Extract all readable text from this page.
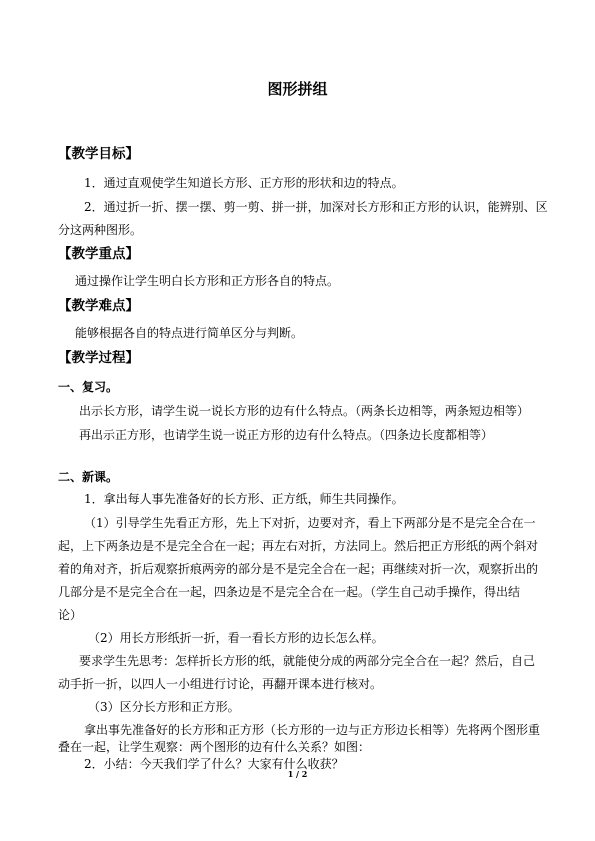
图形拼组
【教学目标】
1．通过直观使学生知道长方形、正方形的形状和边的特点。
2．通过折一折、摆一摆、剪一剪、拼一拼，加深对长方形和正方形的认识，能辨别、区
分这两种图形。
【教学重点】
通过操作让学生明白长方形和正方形各自的特点。
【教学难点】
能够根据各自的特点进行简单区分与判断。
【教学过程】
一、复习。
出示长方形，请学生说一说长方形的边有什么特点。（两条长边相等，两条短边相等）
再出示正方形，也请学生说一说正方形的边有什么特点。（四条边长度都相等）
二、新课。
1．拿出每人事先准备好的长方形、正方纸，师生共同操作。
（1）引导学生先看正方形，先上下对折，边要对齐，看上下两部分是不是完全合在一
起，上下两条边是不是完全合在一起；再左右对折，方法同上。然后把正方形纸的两个斜对
着的角对齐，折后观察折痕两旁的部分是不是完全合在一起；再继续对折一次，观察折出的
几部分是不是完全合在一起，四条边是不是完全合在一起。（学生自己动手操作，得出结
论）
（2）用长方形纸折一折，看一看长方形的边长怎么样。
要求学生先思考：怎样折长方形的纸，就能使分成的两部分完全合在一起？然后，自己
动手折一折，以四人一小组进行讨论，再翻开课本进行核对。
（3）区分长方形和正方形。
拿出事先准备好的长方形和正方形（长方形的一边与正方形边长相等）先将两个图形重
叠在一起，让学生观察：两个图形的边有什么关系？如图：
2．小结：今天我们学了什么？大家有什么收获？
1 / 2
